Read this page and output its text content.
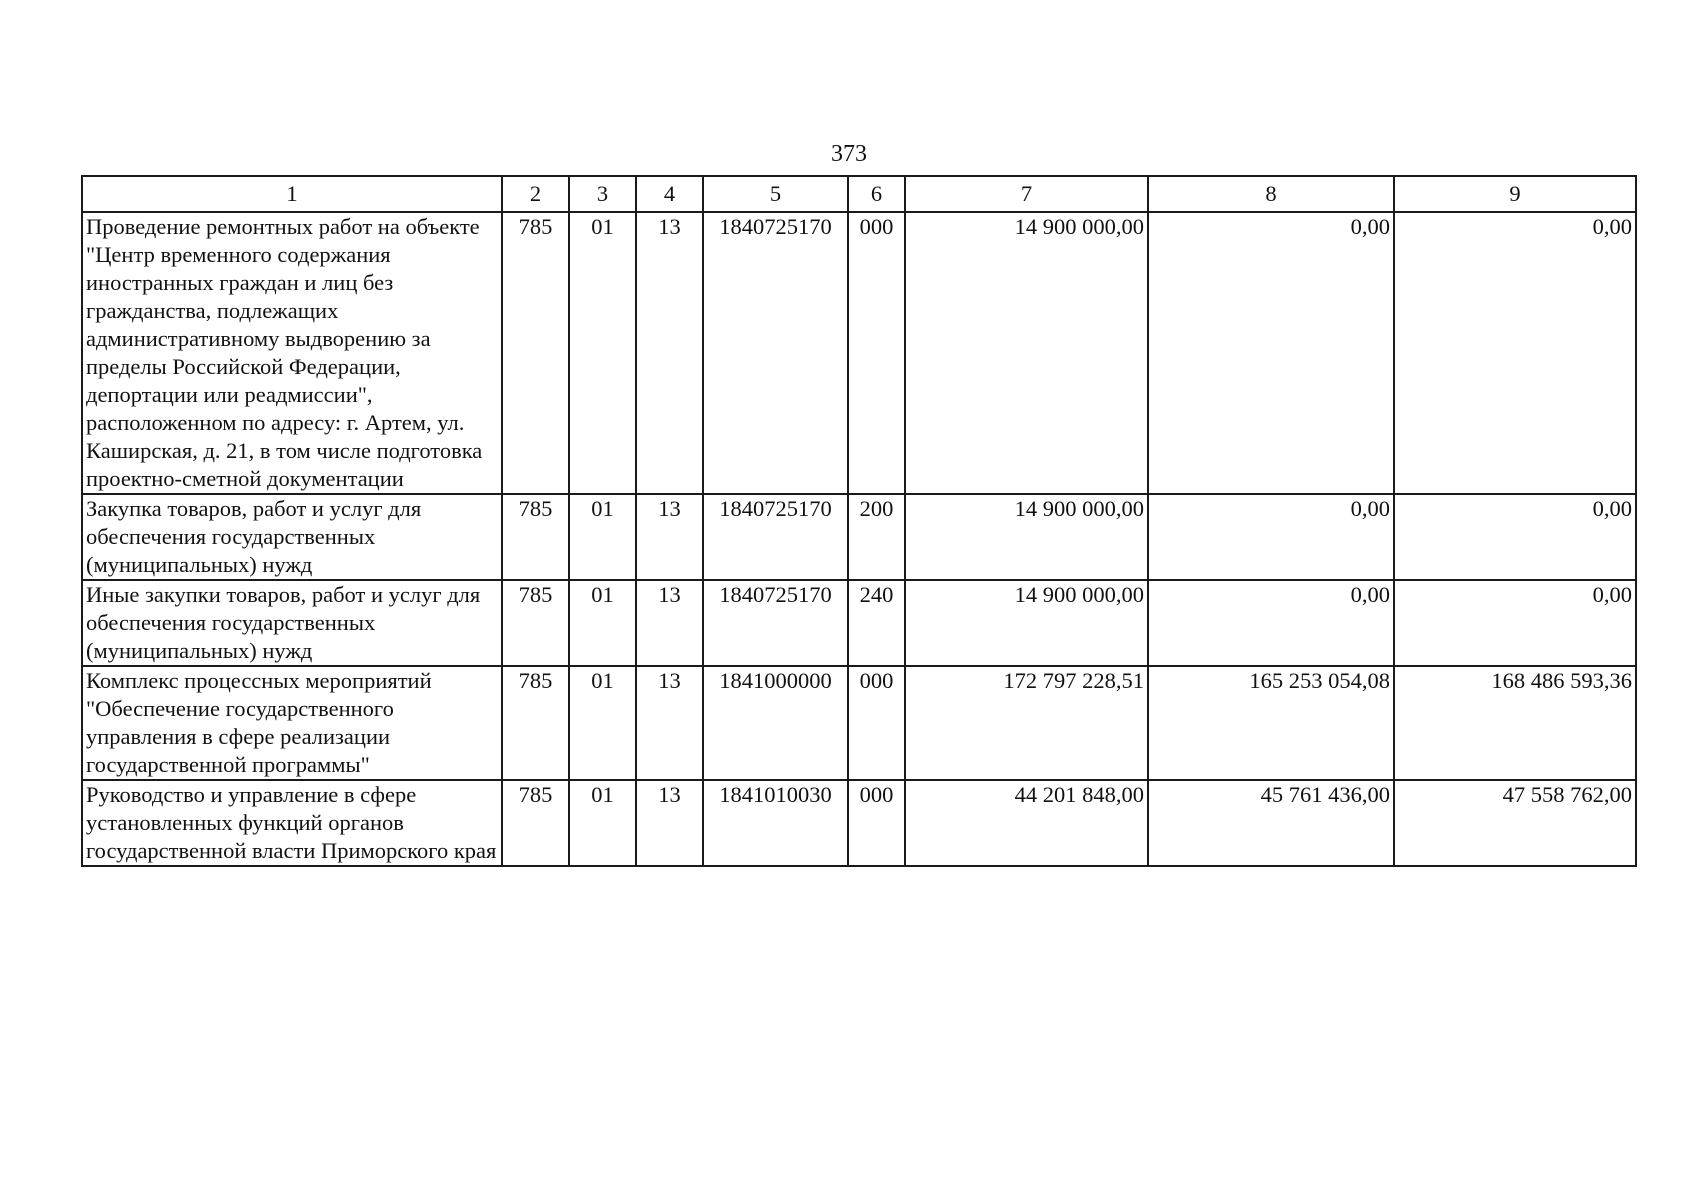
373
1	2	3	4	5	6	7	8	9
Проведение ремонтных работ на объекте "Центр временного содержания иностранных граждан и лиц без гражданства, подлежащих административному выдворению за пределы Российской Федерации, депортации или реадмиссии", расположенном по адресу: г. Артем, ул. Каширская, д. 21, в том числе подготовка проектно-сметной документации	785	01	13	1840725170	000	14 900 000,00	0,00	0,00
Закупка товаров, работ и услуг для обеспечения государственных (муниципальных) нужд	785	01	13	1840725170	200	14 900 000,00	0,00	0,00
Иные закупки товаров, работ и услуг для обеспечения государственных (муниципальных) нужд	785	01	13	1840725170	240	14 900 000,00	0,00	0,00
Комплекс процессных мероприятий "Обеспечение государственного управления в сфере реализации государственной программы"	785	01	13	1841000000	000	172 797 228,51	165 253 054,08	168 486 593,36
Руководство и управление в сфере установленных функций органов государственной власти Приморского края	785	01	13	1841010030	000	44 201 848,00	45 761 436,00	47 558 762,00
